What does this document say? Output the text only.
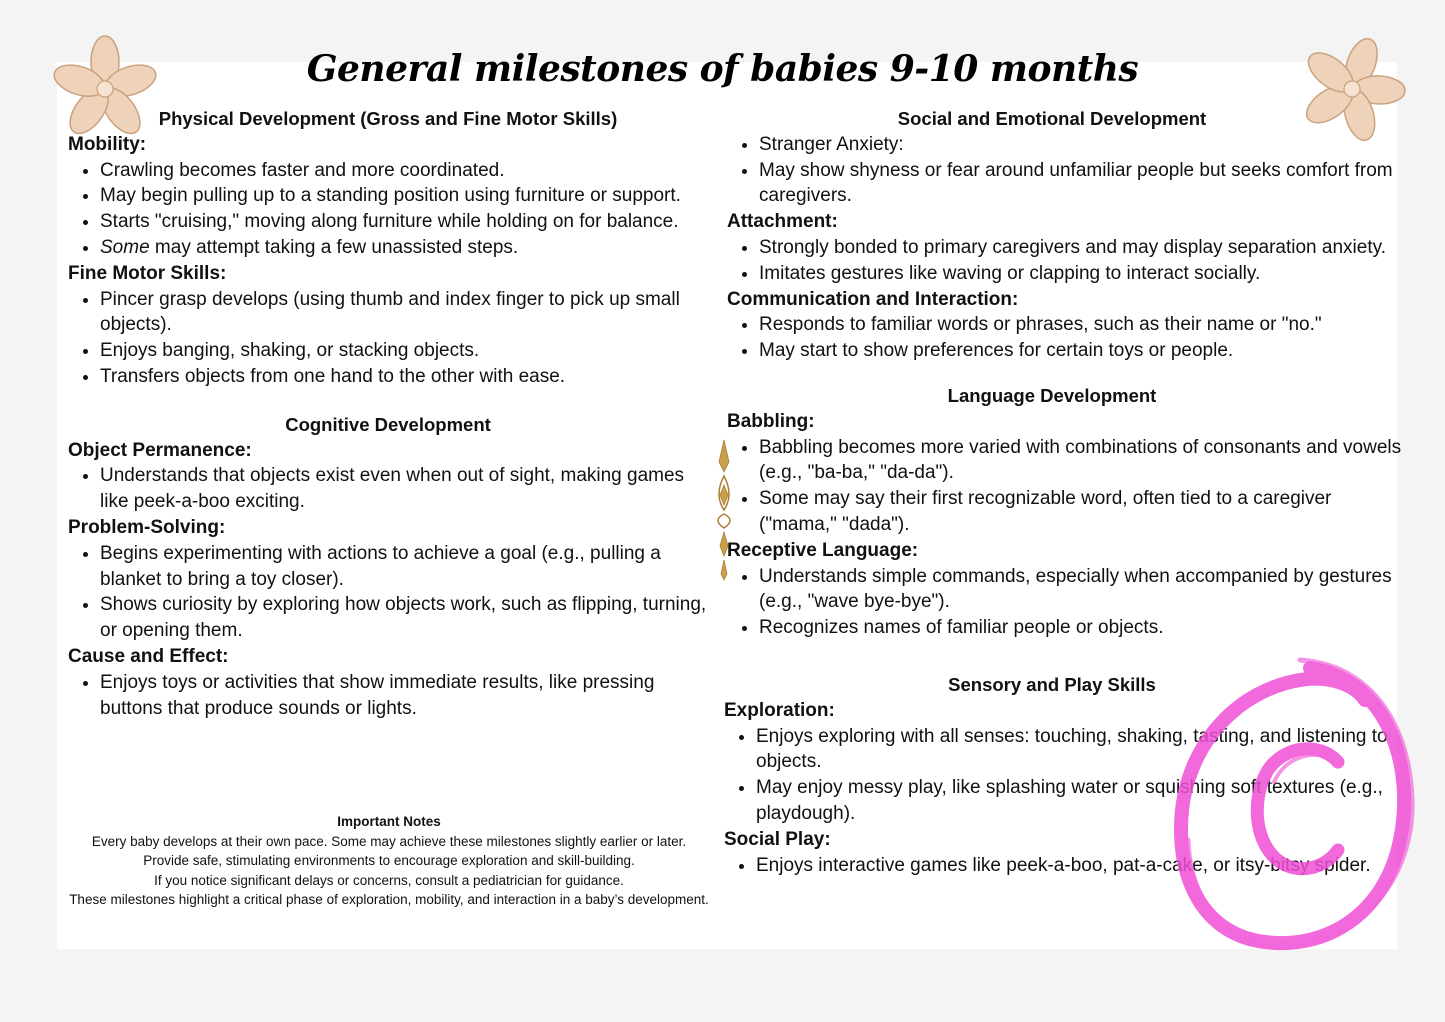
General milestones of babies 9-10 months

Physical Development (Gross and Fine Motor Skills)

Mobility:

• Crawling becomes faster and more coordinated.
• May begin pulling up to a standing position using furniture or support.
• Starts "cruising," moving along furniture while holding on for balance.
• Some may attempt taking a few unassisted steps.

Fine Motor Skills:

• Pincer grasp develops (using thumb and index finger to pick up small objects).
• Enjoys banging, shaking, or stacking objects.
• Transfers objects from one hand to the other with ease.

Cognitive Development

Object Permanence:

• Understands that objects exist even when out of sight, making games like peek-a-boo exciting.

Problem-Solving:

• Begins experimenting with actions to achieve a goal (e.g., pulling a blanket to bring a toy closer).
• Shows curiosity by exploring how objects work, such as flipping, turning, or opening them.

Cause and Effect:

• Enjoys toys or activities that show immediate results, like pressing buttons that produce sounds or lights.
Important Notes
Every baby develops at their own pace. Some may achieve these milestones slightly earlier or later.
Provide safe, stimulating environments to encourage exploration and skill-building.
If you notice significant delays or concerns, consult a pediatrician for guidance.
These milestones highlight a critical phase of exploration, mobility, and interaction in a baby’s development.

Social and Emotional Development

• Stranger Anxiety:
• May show shyness or fear around unfamiliar people but seeks comfort from caregivers.

Attachment:

• Strongly bonded to primary caregivers and may display separation anxiety.
• Imitates gestures like waving or clapping to interact socially.

Communication and Interaction:

• Responds to familiar words or phrases, such as their name or "no."
• May start to show preferences for certain toys or people.

Language Development

Babbling:

• Babbling becomes more varied with combinations of consonants and vowels (e.g., "ba-ba," "da-da").
• Some may say their first recognizable word, often tied to a caregiver ("mama," "dada").

Receptive Language:

• Understands simple commands, especially when accompanied by gestures (e.g., "wave bye-bye").
• Recognizes names of familiar people or objects.

Sensory and Play Skills

Exploration:

• Enjoys exploring with all senses: touching, shaking, tasting, and listening to objects.
• May enjoy messy play, like splashing water or squishing soft textures (e.g., playdough).

Social Play:

• Enjoys interactive games like peek-a-boo, pat-a-cake, or itsy-bitsy spider.
